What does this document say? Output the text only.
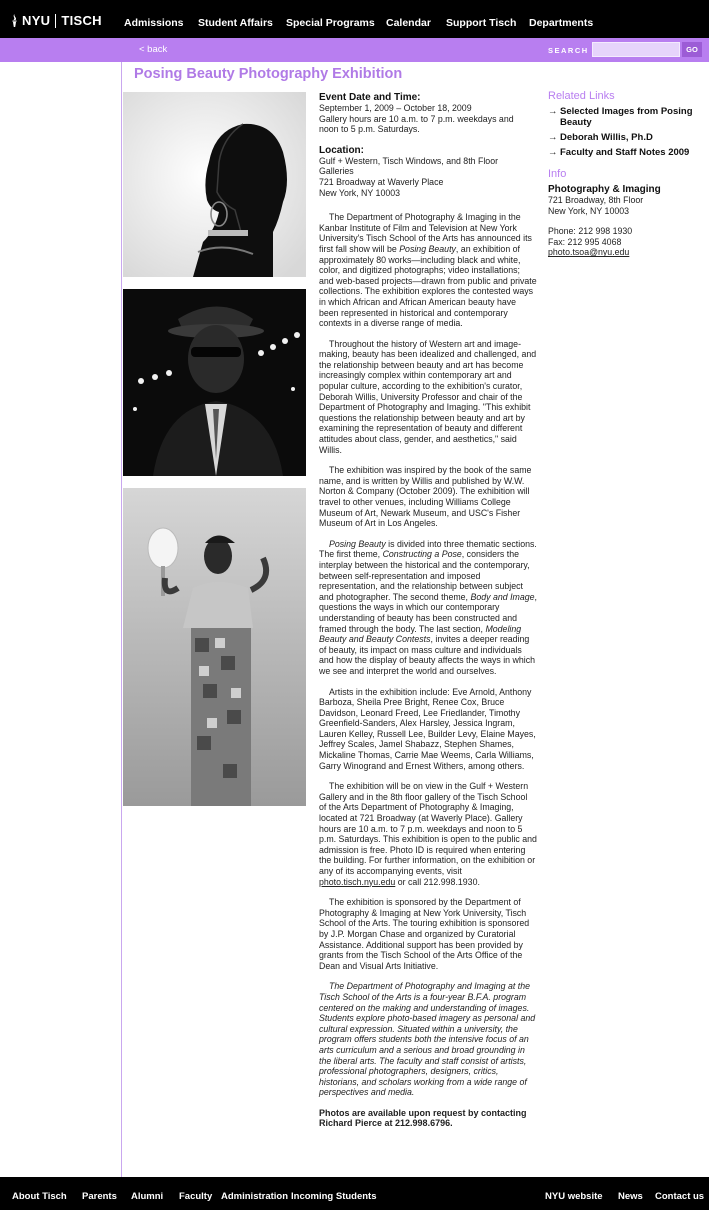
NYU TISCH Admissions Student Affairs Special Programs Calendar Support Tisch Departments
< back	SEARCH	GO
Posing Beauty Photography Exhibition
Event Date and Time:
September 1, 2009 – October 18, 2009
Gallery hours are 10 a.m. to 7 p.m. weekdays and
noon to 5 p.m. Saturdays.
Location:
Gulf + Western, Tisch Windows, and 8th Floor
Galleries
721 Broadway at Waverly Place
New York, NY 10003

The Department of Photography & Imaging in the Kanbar Institute of Film and Television at New York University's Tisch School of the Arts has announced its first fall show will be Posing Beauty, an exhibition of approximately 80 works—including black and white, color, and digitized photographs; video installations; and web-based projects—drawn from public and private collections. The exhibition explores the contested ways in which African and African American beauty have been represented in historical and contemporary contexts in a diverse range of media.

Throughout the history of Western art and image-making, beauty has been idealized and challenged, and the relationship between beauty and art has become increasingly complex within contemporary art and popular culture, according to the exhibition's curator, Deborah Willis, University Professor and chair of the Department of Photography and Imaging. "This exhibit questions the relationship between beauty and art by examining the representation of beauty and different attitudes about class, gender, and aesthetics," said Willis.

The exhibition was inspired by the book of the same name, and is written by Willis and published by W.W. Norton & Company (October 2009). The exhibition will travel to other venues, including Williams College Museum of Art, Newark Museum, and USC's Fisher Museum of Art in Los Angeles.

Posing Beauty is divided into three thematic sections. The first theme, Constructing a Pose, considers the interplay between the historical and the contemporary, between self-representation and imposed representation, and the relationship between subject and photographer. The second theme, Body and Image, questions the ways in which our contemporary understanding of beauty has been constructed and framed through the body. The last section, Modeling Beauty and Beauty Contests, invites a deeper reading of beauty, its impact on mass culture and individuals and how the display of beauty affects the ways in which we see and interpret the world and ourselves.

Artists in the exhibition include: Eve Arnold, Anthony Barboza, Sheila Pree Bright, Renee Cox, Bruce Davidson, Leonard Freed, Lee Friedlander, Timothy Greenfield-Sanders, Alex Harsley, Jessica Ingram, Lauren Kelley, Russell Lee, Builder Levy, Elaine Mayes, Jeffrey Scales, Jamel Shabazz, Stephen Shames, Mickaline Thomas, Carrie Mae Weems, Carla Williams, Garry Winogrand and Ernest Withers, among others.

The exhibition will be on view in the Gulf + Western Gallery and in the 8th floor gallery of the Tisch School of the Arts Department of Photography & Imaging, located at 721 Broadway (at Waverly Place). Gallery hours are 10 a.m. to 7 p.m. weekdays and noon to 5 p.m. Saturdays. This exhibition is open to the public and admission is free. Photo ID is required when entering the building. For further information, on the exhibition or any of its accompanying events, visit photo.tisch.nyu.edu or call 212.998.1930.

The exhibition is sponsored by the Department of Photography & Imaging at New York University, Tisch School of the Arts. The touring exhibition is sponsored by J.P. Morgan Chase and organized by Curatorial Assistance. Additional support has been provided by grants from the Tisch School of the Arts Office of the Dean and Visual Arts Initiative.

The Department of Photography and Imaging at the Tisch School of the Arts is a four-year B.F.A. program centered on the making and understanding of images. Students explore photo-based imagery as personal and cultural expression. Situated within a university, the program offers students both the intensive focus of an arts curriculum and a serious and broad grounding in the liberal arts. The faculty and staff consist of artists, professional photographers, designers, critics, historians, and scholars working from a wide range of perspectives and media.

Photos are available upon request by contacting Richard Pierce at 212.998.6796.

Related Links
→ Selected Images from Posing Beauty
→ Deborah Willis, Ph.D
→ Faculty and Staff Notes 2009
Info
Photography & Imaging
721 Broadway, 8th Floor
New York, NY 10003
Phone: 212 998 1930
Fax: 212 995 4068
photo.tsoa@nyu.edu
About Tisch Parents Alumni Faculty Administration Incoming Students	NYU website News Contact us
